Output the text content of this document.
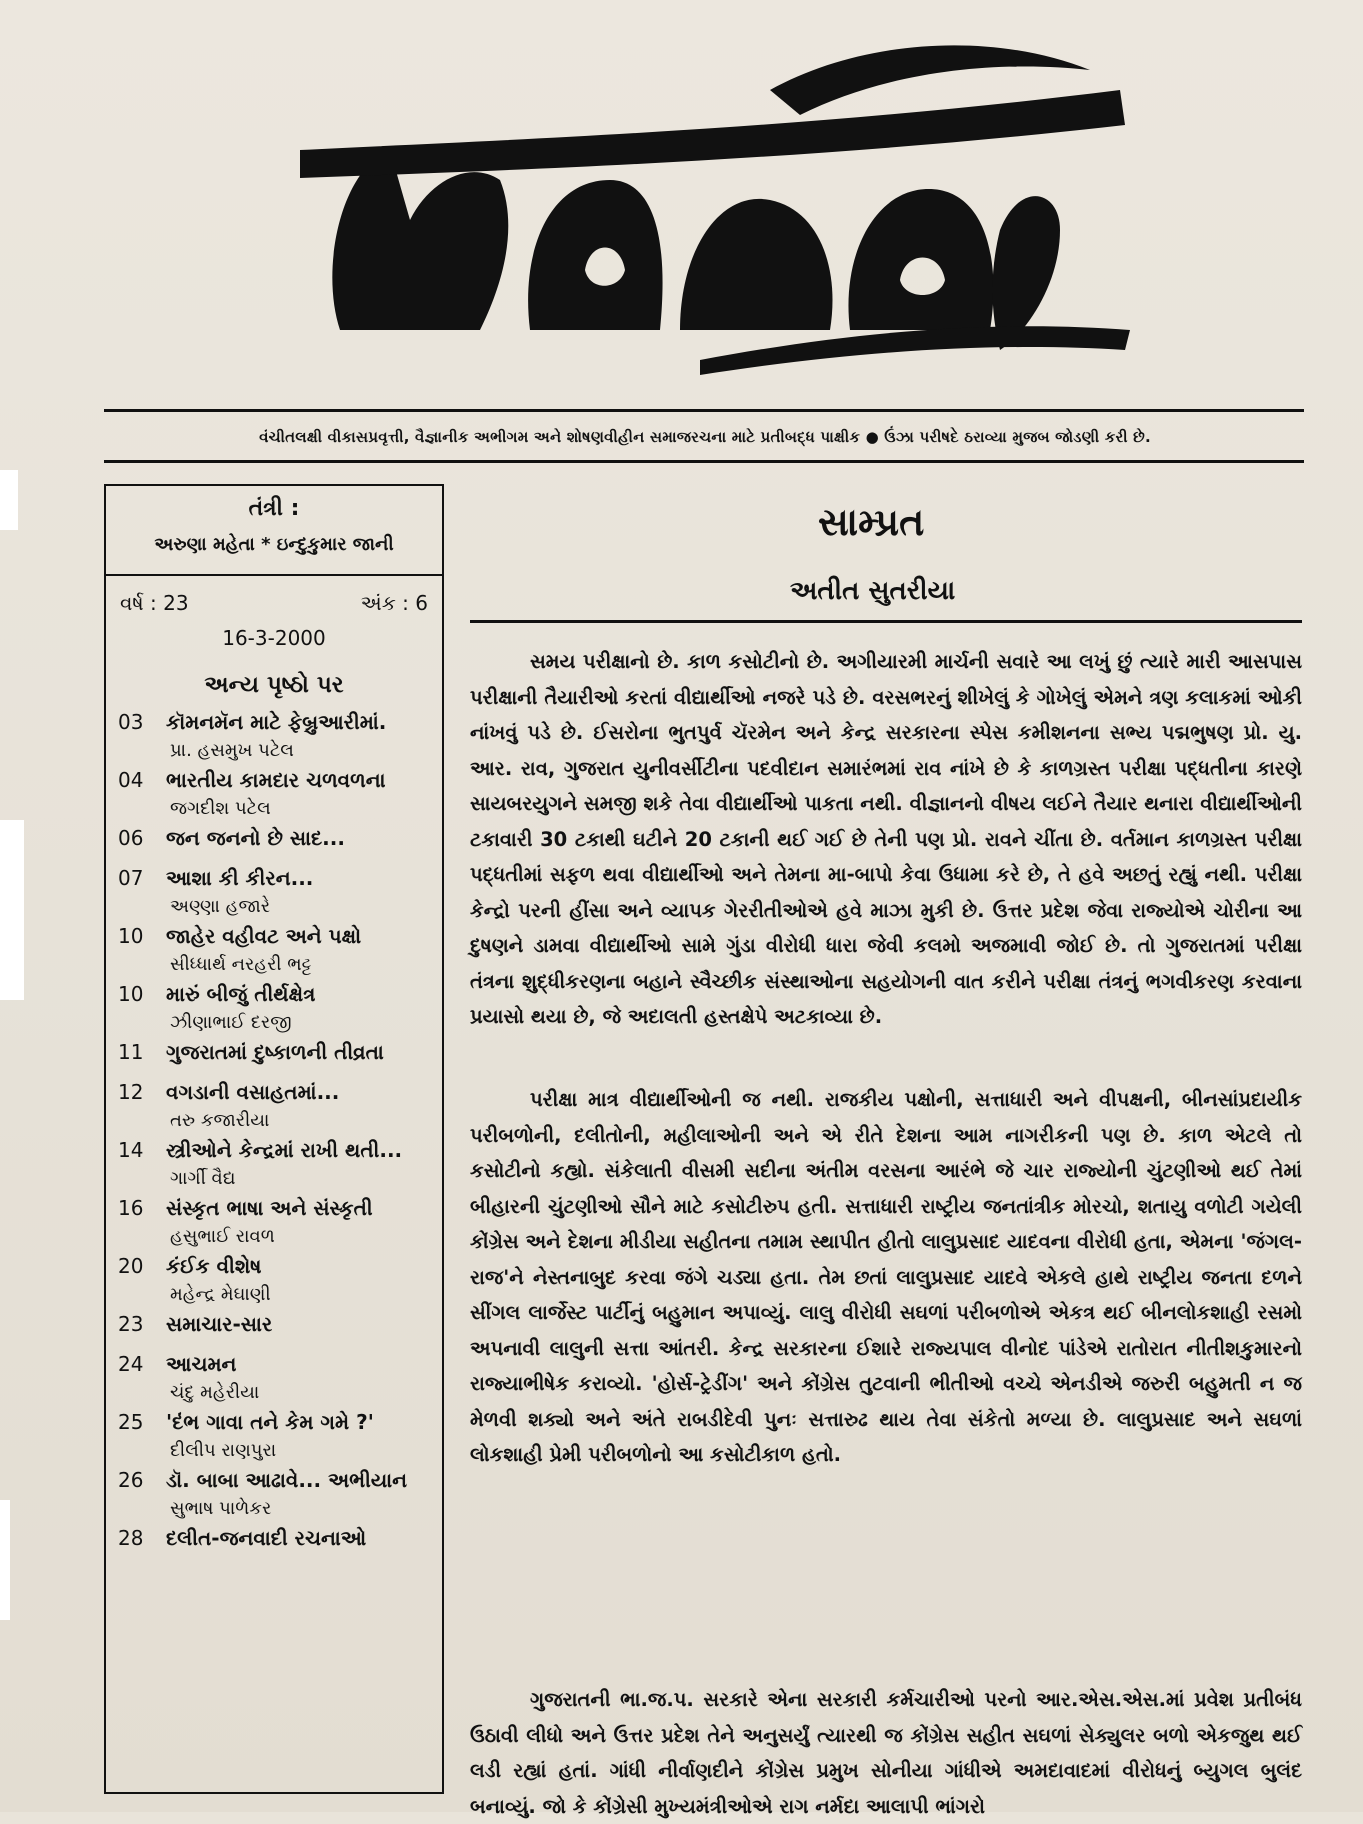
વંચીતલક્ષી વીકાસપ્રવૃત્તી, વૈજ્ઞાનીક અભીગમ અને શોષણવીહીન સમાજરચના માટે પ્રતીબદ્ધ પાક્ષીક ● ઉંઝા પરીષદે ઠરાવ્યા મુજબ જોડણી કરી છે.
તંત્રી :
અરુણા મહેતા * ઇન્દુકુમાર જાની
વર્ષ : 23	અંક : 6
16-3-2000
અન્ય પૃષ્ઠો પર
03 કૉમનમૅન માટે ફેબ્રુઆરીમાં.
પ્રા. હસમુખ પટેલ
04 ભારતીય કામદાર ચળવળના
જગદીશ પટેલ
06 જન જનનો છે સાદ...
07 આશા કી કીરન...
અણ્ણા હજારે
10 જાહેર વહીવટ અને પક્ષો
સીધ્ધાર્થ નરહરી ભટ્ટ
10 મારું બીજું તીર્થક્ષેત્ર
ઝીણાભાઈ દરજી
11 ગુજરાતમાં દુષ્કાળની તીવ્રતા
12 વગડાની વસાહતમાં...
તરુ કજારીયા
14 સ્ત્રીઓને કેન્દ્રમાં રાખી થતી...
ગાર્ગી વૈદ્ય
16 સંસ્કૃત ભાષા અને સંસ્કૃતી
હસુભાઈ રાવળ
20 કંઈક વીશેષ
મહેન્દ્ર મેઘાણી
23 સમાચાર-સાર
24 આચમન
ચંદુ મહેરીયા
25 'દંભ ગાવા તને કેમ ગમે ?'
દીલીપ રાણપુરા
26 ડૉ. બાબા આઢાવે... અભીયાન
સુભાષ પાળેકર
28 દલીત-જનવાદી રચનાઓ
સામ્પ્રત
અતીત સુતરીયા
સમય પરીક્ષાનો છે. કાળ કસોટીનો છે. અગીયારમી માર્ચની સવારે આ લખું છું ત્યારે મારી આસપાસ પરીક્ષાની તૈયારીઓ કરતાં વીદ્યાર્થીઓ નજરે પડે છે. વરસભરનું શીખેલું કે ગોખેલું એમને ત્રણ કલાકમાં ઓકી નાંખવું પડે છે. ઈસરોના ભુતપુર્વ ચૅરમેન અને કેન્દ્ર સરકારના સ્પેસ કમીશનના સભ્ય પદ્મભુષણ પ્રો. યુ. આર. રાવ, ગુજરાત યુનીવર્સીટીના પદવીદાન સમારંભમાં રાવ નાંખે છે કે કાળગ્રસ્ત પરીક્ષા પદ્ધતીના કારણે સાયબરયુગને સમજી શકે તેવા વીદ્યાર્થીઓ પાકતા નથી. વીજ્ઞાનનો વીષય લઈને તૈયાર થનારા વીદ્યાર્થીઓની ટકાવારી 30 ટકાથી ઘટીને 20 ટકાની થઈ ગઈ છે તેની પણ પ્રો. રાવને ચીંતા છે. વર્તમાન કાળગ્રસ્ત પરીક્ષા પદ્ધતીમાં સફળ થવા વીદ્યાર્થીઓ અને તેમના મા-બાપો કેવા ઉધામા કરે છે, તે હવે અછતું રહ્યું નથી. પરીક્ષા કેન્દ્રો પરની હીંસા અને વ્યાપક ગેરરીતીઓએ હવે માઝા મુકી છે. ઉત્તર પ્રદેશ જેવા રાજ્યોએ ચોરીના આ દુષણને ડામવા વીદ્યાર્થીઓ સામે ગુંડા વીરોધી ધારા જેવી કલમો અજમાવી જોઈ છે. તો ગુજરાતમાં પરીક્ષા તંત્રના શુદ્ધીકરણના બહાને સ્વૈચ્છીક સંસ્થાઓના સહયોગની વાત કરીને પરીક્ષા તંત્રનું ભગવીકરણ કરવાના પ્રયાસો થયા છે, જે અદાલતી હસ્તક્ષેપે અટકાવ્યા છે.
પરીક્ષા માત્ર વીદ્યાર્થીઓની જ નથી. રાજકીય પક્ષોની, સત્તાધારી અને વીપક્ષની, બીનસાંપ્રદાયીક પરીબળોની, દલીતોની, મહીલાઓની અને એ રીતે દેશના આમ નાગરીકની પણ છે. કાળ એટલે તો કસોટીનો કહ્યો. સંકેલાતી વીસમી સદીના અંતીમ વરસના આરંભે જે ચાર રાજ્યોની ચુંટણીઓ થઈ તેમાં બીહારની ચુંટણીઓ સૌને માટે કસોટીરુપ હતી. સત્તાધારી રાષ્ટ્રીય જનતાંત્રીક મોરચો, શતાયુ વળોટી ગયેલી કોંગ્રેસ અને દેશના મીડીયા સહીતના તમામ સ્થાપીત હીતો લાલુપ્રસાદ યાદવના વીરોધી હતા, એમના 'જંગલ-રાજ'ને નેસ્તનાબુદ કરવા જંગે ચડ્યા હતા. તેમ છતાં લાલુપ્રસાદ યાદવે એકલે હાથે રાષ્ટ્રીય જનતા દળને સીંગલ લાર્જેસ્ટ પાર્ટીનું બહુમાન અપાવ્યું. લાલુ વીરોધી સઘળાં પરીબળોએ એકત્ર થઈ બીનલોકશાહી રસમો અપનાવી લાલુની સત્તા આંતરી. કેન્દ્ર સરકારના ઈશારે રાજ્યપાલ વીનોદ પાંડેએ રાતોરાત નીતીશકુમારનો રાજ્યાભીષેક કરાવ્યો. 'હોર્સ-ટ્રેડીંગ' અને કોંગ્રેસ તુટવાની ભીતીઓ વચ્ચે એનડીએ જરુરી બહુમતી ન જ મેળવી શક્યો અને અંતે રાબડીદેવી પુનઃ સત્તારુઢ થાય તેવા સંકેતો મળ્યા છે. લાલુપ્રસાદ અને સઘળાં લોકશાહી પ્રેમી પરીબળોનો આ કસોટીકાળ હતો.
ગુજરાતની ભા.જ.પ. સરકારે એના સરકારી કર્મચારીઓ પરનો આર.એસ.એસ.માં પ્રવેશ પ્રતીબંધ ઉઠાવી લીધો અને ઉત્તર પ્રદેશ તેને અનુસર્યું ત્યારથી જ કોંગ્રેસ સહીત સઘળાં સેક્યુલર બળો એકજુથ થઈ લડી રહ્યાં હતાં. ગાંધી નીર્વાણદીને કોંગ્રેસ પ્રમુખ સોનીયા ગાંધીએ અમદાવાદમાં વીરોધનું બ્યુગલ બુલંદ બનાવ્યું. જો કે કોંગ્રેસી મુખ્યમંત્રીઓએ રાગ નર્મદા આલાપી ભાંગરો
